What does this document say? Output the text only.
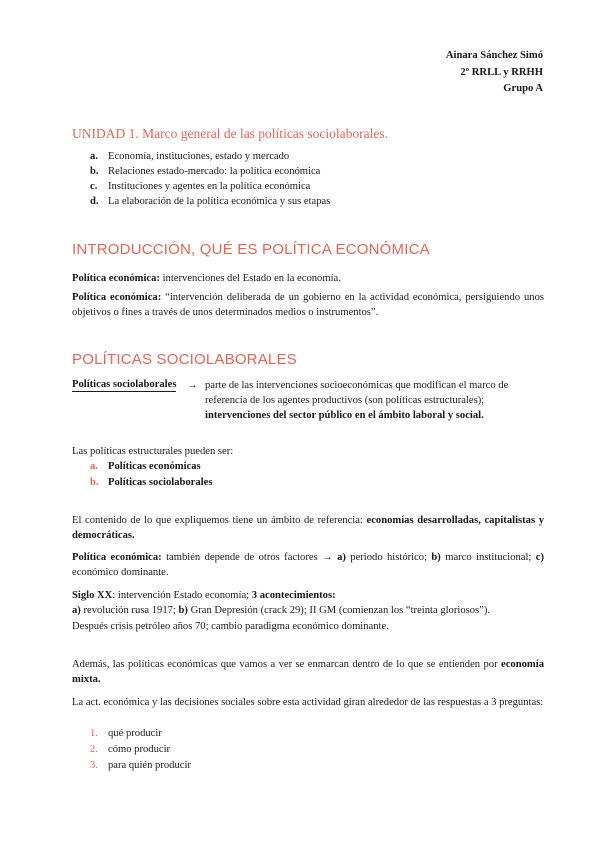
Ainara Sánchez Simó
2º RRLL y RRHH
Grupo A
UNIDAD 1. Marco general de las políticas sociolaborales.
a. Economía, instituciones, estado y mercado
b. Relaciones estado-mercado: la política económica
c. Instituciones y agentes en la política económica
d. La elaboración de la política económica y sus etapas
INTRODUCCIÓN, QUÉ ES POLÍTICA ECONÓMICA

Política económica: intervenciones del Estado en la economía.

Política económica: “intervención deliberada de un gobierno en la actividad económica, persiguiendo unos objetivos o fines a través de unos determinados medios o instrumentos”.

POLÍTICAS SOCIOLABORALES
Políticas sociolaborales → parte de las intervenciones socioeconómicas que modifican el marco de
referencia de los agentes productivos (son políticas estructurales);
intervenciones del sector público en el ámbito laboral y social.
Las políticas estructurales pueden ser:
a. Políticas económicas
b. Políticas sociolaborales

El contenido de lo que expliquemos tiene un ámbito de referencia: economías desarrolladas, capitalistas y democráticas.

Política económica: también depende de otros factores → a) periodo histórico; b) marco institucional; c) económico dominante.

Siglo XX: intervención Estado economía; 3 acontecimientos:

a) revolución rusa 1917; b) Gran Depresión (crack 29); II GM (comienzan los “treinta gloriosos”).

Después crisis petróleo años 70; cambio paradigma económico dominante.

Además, las políticas económicas que vamos a ver se enmarcan dentro de lo que se entienden por economía mixta.

La act. económica y las decisiones sociales sobre esta actividad giran alrededor de las respuestas a 3 preguntas:

1. qué producir
2. cómo producir
3. para quién producir
